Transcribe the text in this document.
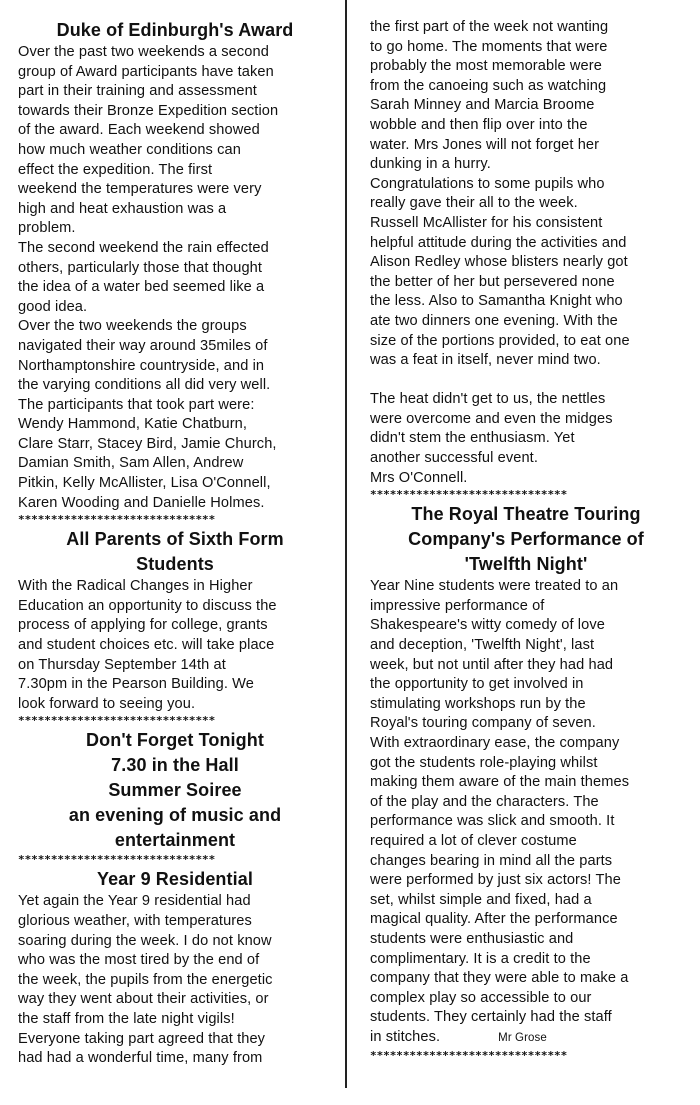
Duke of Edinburgh's Award

Over the past two weekends a second

group of Award participants have taken

part in their training and assessment

towards their Bronze Expedition section

of the award. Each weekend showed

how much weather conditions can

effect the expedition. The first

weekend the temperatures were very

high and heat exhaustion was a

problem.

The second weekend the rain effected

others, particularly those that thought

the idea of a water bed seemed like a

good idea.

Over the two weekends the groups

navigated their way around 35miles of

Northamptonshire countryside, and in

the varying conditions all did very well.

The participants that took part were:

Wendy Hammond, Katie Chatburn,

Clare Starr, Stacey Bird, Jamie Church,

Damian Smith, Sam Allen, Andrew

Pitkin, Kelly McAllister, Lisa O'Connell,

Karen Wooding and Danielle Holmes.

******************************
All Parents of Sixth Form
Students

With the Radical Changes in Higher

Education an opportunity to discuss the

process of applying for college, grants

and student choices etc. will take place

on Thursday September 14th at

7.30pm in the Pearson Building. We

look forward to seeing you.

******************************
Don't Forget Tonight
7.30 in the Hall
Summer Soiree
an evening of music and
entertainment
******************************
Year 9 Residential

Yet again the Year 9 residential had

glorious weather, with temperatures

soaring during the week. I do not know

who was the most tired by the end of

the week, the pupils from the energetic

way they went about their activities, or

the staff from the late night vigils!

Everyone taking part agreed that they

had had a wonderful time, many from

the first part of the week not wanting

to go home. The moments that were

probably the most memorable were

from the canoeing such as watching

Sarah Minney and Marcia Broome

wobble and then flip over into the

water. Mrs Jones will not forget her

dunking in a hurry.

Congratulations to some pupils who

really gave their all to the week.

Russell McAllister for his consistent

helpful attitude during the activities and

Alison Redley whose blisters nearly got

the better of her but persevered none

the less. Also to Samantha Knight who

ate two dinners one evening. With the

size of the portions provided, to eat one

was a feat in itself, never mind two.

The heat didn't get to us, the nettles

were overcome and even the midges

didn't stem the enthusiasm. Yet

another successful event.

Mrs O'Connell.

******************************
The Royal Theatre Touring
Company's Performance of
'Twelfth Night'

Year Nine students were treated to an

impressive performance of

Shakespeare's witty comedy of love

and deception, 'Twelfth Night', last

week, but not until after they had had

the opportunity to get involved in

stimulating workshops run by the

Royal's touring company of seven.

With extraordinary ease, the company

got the students role-playing whilst

making them aware of the main themes

of the play and the characters. The

performance was slick and smooth. It

required a lot of clever costume

changes bearing in mind all the parts

were performed by just six actors! The

set, whilst simple and fixed, had a

magical quality. After the performance

students were enthusiastic and

complimentary. It is a credit to the

company that they were able to make a

complex play so accessible to our

students. They certainly had the staff

in stitches.	Mr Grose

******************************
